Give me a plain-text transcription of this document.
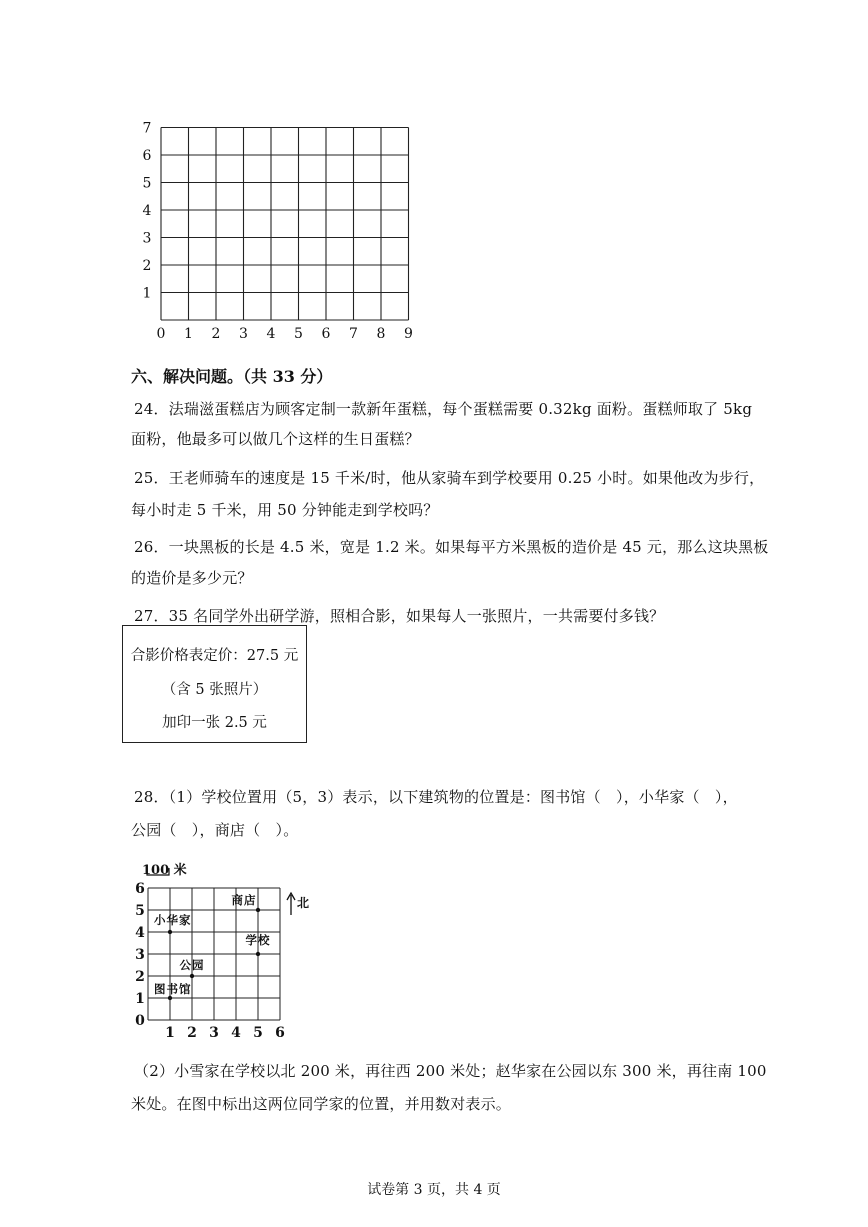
0 1 2 3 4 5 6 7 8 9
1
2
3
4
5
6
7
六、解决问题。（共 33 分）
24．法瑞滋蛋糕店为顾客定制一款新年蛋糕，每个蛋糕需要 0.32kg 面粉。蛋糕师取了 5kg
面粉，他最多可以做几个这样的生日蛋糕？
25．王老师骑车的速度是 15 千米/时，他从家骑车到学校要用 0.25 小时。如果他改为步行，
每小时走 5 千米，用 50 分钟能走到学校吗？
26．一块黑板的长是 4.5 米，宽是 1.2 米。如果每平方米黑板的造价是 45 元，那么这块黑板
的造价是多少元？
27．35 名同学外出研学游，照相合影，如果每人一张照片，一共需要付多钱？
合影价格表定价：27.5 元
（含 5 张照片）
加印一张 2.5 元
28．（1）学校位置用（5，3）表示，以下建筑物的位置是：图书馆（　），小华家（　），
公园（　），商店（　）。
100 米
北
1 2 3 4 5 6
0
1
2
3
4
5
6
商店
小华家
学校
公园
图书馆
（2）小雪家在学校以北 200 米，再往西 200 米处；赵华家在公园以东 300 米，再往南 100
米处。在图中标出这两位同学家的位置，并用数对表示。
试卷第 3 页，共 4 页
